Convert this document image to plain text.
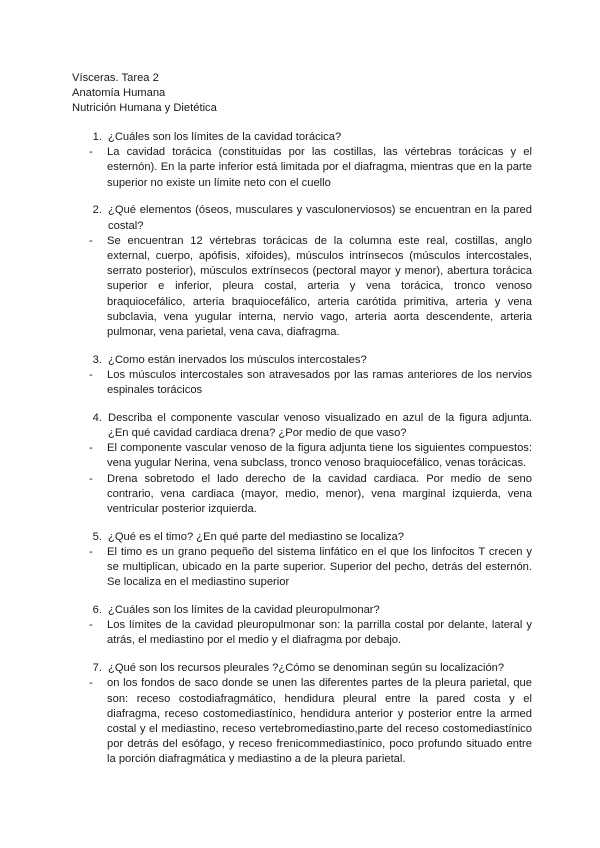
Vísceras. Tarea 2
Anatomía Humana
Nutrición Humana y Dietética
1. ¿Cuáles son los límites de la cavidad torácica?
-	La cavidad torácica (constituidas por las costillas, las vértebras torácicas y el esternón). En la parte inferior está limitada por el diafragma, mientras que en la parte superior no existe un límite neto con el cuello
2. ¿Qué elementos (óseos, musculares y vasculonerviosos) se encuentran en la pared costal?
-	Se encuentran 12 vértebras torácicas de la columna este real, costillas, anglo external, cuerpo, apófisis, xifoides), músculos intrínsecos (músculos intercostales, serrato posterior), músculos extrínsecos (pectoral mayor y menor), abertura torácica superior e inferior, pleura costal, arteria y vena torácica, tronco venoso braquiocefálico, arteria braquiocefálico, arteria carótida primitiva, arteria y vena subclavia, vena yugular interna, nervio vago, arteria aorta descendente, arteria pulmonar, vena parietal, vena cava, diafragma.
3. ¿Como están inervados los músculos intercostales?
-	Los músculos intercostales son atravesados por las ramas anteriores de los nervios espinales torácicos
4. Describa el componente vascular venoso visualizado en azul de la figura adjunta. ¿En qué cavidad cardiaca drena? ¿Por medio de que vaso?
-	El componente vascular venoso de la figura adjunta tiene los siguientes compuestos: vena yugular Nerina, vena subclass, tronco venoso braquiocefálico, venas torácicas.
-	Drena sobretodo el lado derecho de la cavidad cardiaca. Por medio de seno contrario, vena cardiaca (mayor, medio, menor), vena marginal izquierda, vena ventricular posterior izquierda.
5. ¿Qué es el timo? ¿En qué parte del mediastino se localiza?
-	El timo es un grano pequeño del sistema linfático en el que los linfocitos T crecen y se multiplican, ubicado en la parte superior. Superior del pecho, detrás del esternón. Se localiza en el mediastino superior
6. ¿Cuáles son los límites de la cavidad pleuropulmonar?
-	Los límites de la cavidad pleuropulmonar son: la parrilla costal por delante, lateral y atrás, el mediastino por el medio y el diafragma por debajo.
7. ¿Qué son los recursos pleurales ?¿Cómo se denominan según su localización?
-	on los fondos de saco donde se unen las diferentes partes de la pleura parietal, que son: receso costodiafragmático, hendidura pleural entre la pared costa y el diafragma, receso costomediastínico, hendidura anterior y posterior entre la armed costal y el mediastino, receso vertebromediastino,parte del receso costomediastínico por detrás del esófago, y receso frenicommediastínico, poco profundo situado entre la porción diafragmática y mediastino a de la pleura parietal.
